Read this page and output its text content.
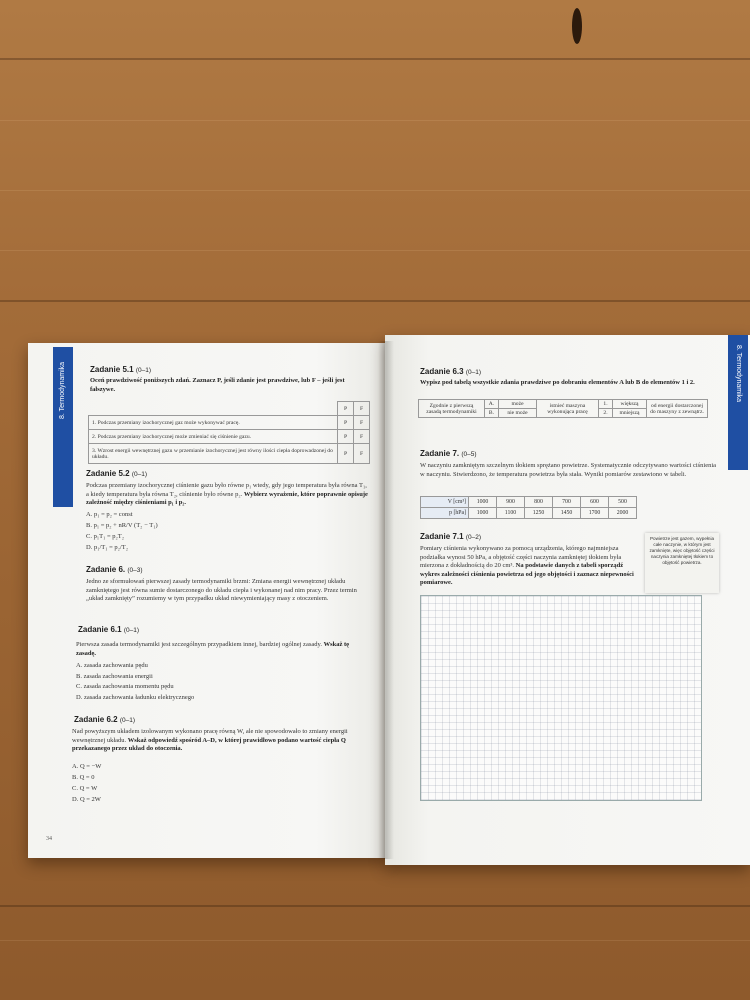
8. Termodynamika	Zadanie 5.1 (0–1)
Oceń prawdziwość poniższych zdań. Zaznacz P, jeśli zdanie jest prawdziwe, lub F – jeśli jest fałszywe.
	P	F
1. Podczas przemiany izochorycznej gaz może wykonywać pracę.	P	F
2. Podczas przemiany izochorycznej może zmieniać się ciśnienie gazu.	P	F
3. Wzrost energii wewnętrznej gazu w przemianie izochorycznej jest równy ilości ciepła doprowadzonej do układu.	P	F
Zadanie 5.2 (0–1)
Podczas przemiany izochorycznej ciśnienie gazu było równe p₁ wtedy, gdy jego temperatura była równa T₁, a kiedy temperatura była równa T₂, ciśnienie było równe p₂. Wybierz wyrażenie, które poprawnie opisuje zależność między ciśnieniami p₁ i p₂.
A. p₁ = p₂ = const
B. p₁ = p₂ + nR/V (T₂ − T₁)
C. p₁T₁ = p₂T₂
D. p₁/T₁ = p₂/T₂
Zadanie 6. (0–3)
Jedno ze sformułowań pierwszej zasady termodynamiki brzmi: Zmiana energii wewnętrznej układu zamkniętego jest równa sumie dostarczonego do układu ciepła i wykonanej nad nim pracy. Przez termin „układ zamknięty” rozumiemy w tym przypadku układ niewymieniający masy z otoczeniem.
Zadanie 6.1 (0–1)
Pierwsza zasada termodynamiki jest szczególnym przypadkiem innej, bardziej ogólnej zasady. Wskaż tę zasadę.
A. zasada zachowania pędu
B. zasada zachowania energii
C. zasada zachowania momentu pędu
D. zasada zachowania ładunku elektrycznego
Zadanie 6.2 (0–1)
Nad powyższym układem izolowanym wykonano pracę równą W, ale nie spowodowało to zmiany energii wewnętrznej układu. Wskaż odpowiedź spośród A–D, w której prawidłowo podano wartość ciepła Q przekazanego przez układ do otoczenia.
A. Q = −W
B. Q = 0
C. Q = W
D. Q = 2W
34
8. Termodynamika
Zadanie 6.3 (0–1)
Wypisz pod tabelą wszystkie zdania prawdziwe po dobraniu elementów A lub B do elementów 1 i 2.
Zgodnie z pierwszą zasadą termodynamiki	A.	może	istnieć maszyna wykonująca pracę	1.	większą	od energii dostarczonej do maszyny z zewnątrz.
	B.	nie może		2.	mniejszą	
Zadanie 7. (0–5)
W naczyniu zamkniętym szczelnym tłokiem sprężano powietrze. Systematycznie odczytywano wartości ciśnienia w naczyniu. Stwierdzono, że temperatura powietrza była stała. Wyniki pomiarów zestawiono w tabeli.
V [cm³]	1000	900	800	700	600	500
p [hPa]	1000	1100	1250	1450	1700	2000
Zadanie 7.1 (0–2)
Pomiary ciśnienia wykonywano za pomocą urządzenia, którego najmniejsza podziałka wynosi 50 hPa, a objętość części naczynia zamkniętej tłokiem była mierzona z dokładnością do 20 cm³. Na podstawie danych z tabeli sporządź wykres zależności ciśnienia powietrza od jego objętości i zaznacz niepewności pomiarowe.
Powietrze jest gazem, wypełnia całe naczynie, w którym jest zamknięte, więc objętość części naczynia zamkniętej tłokiem to objętość powietrza.
